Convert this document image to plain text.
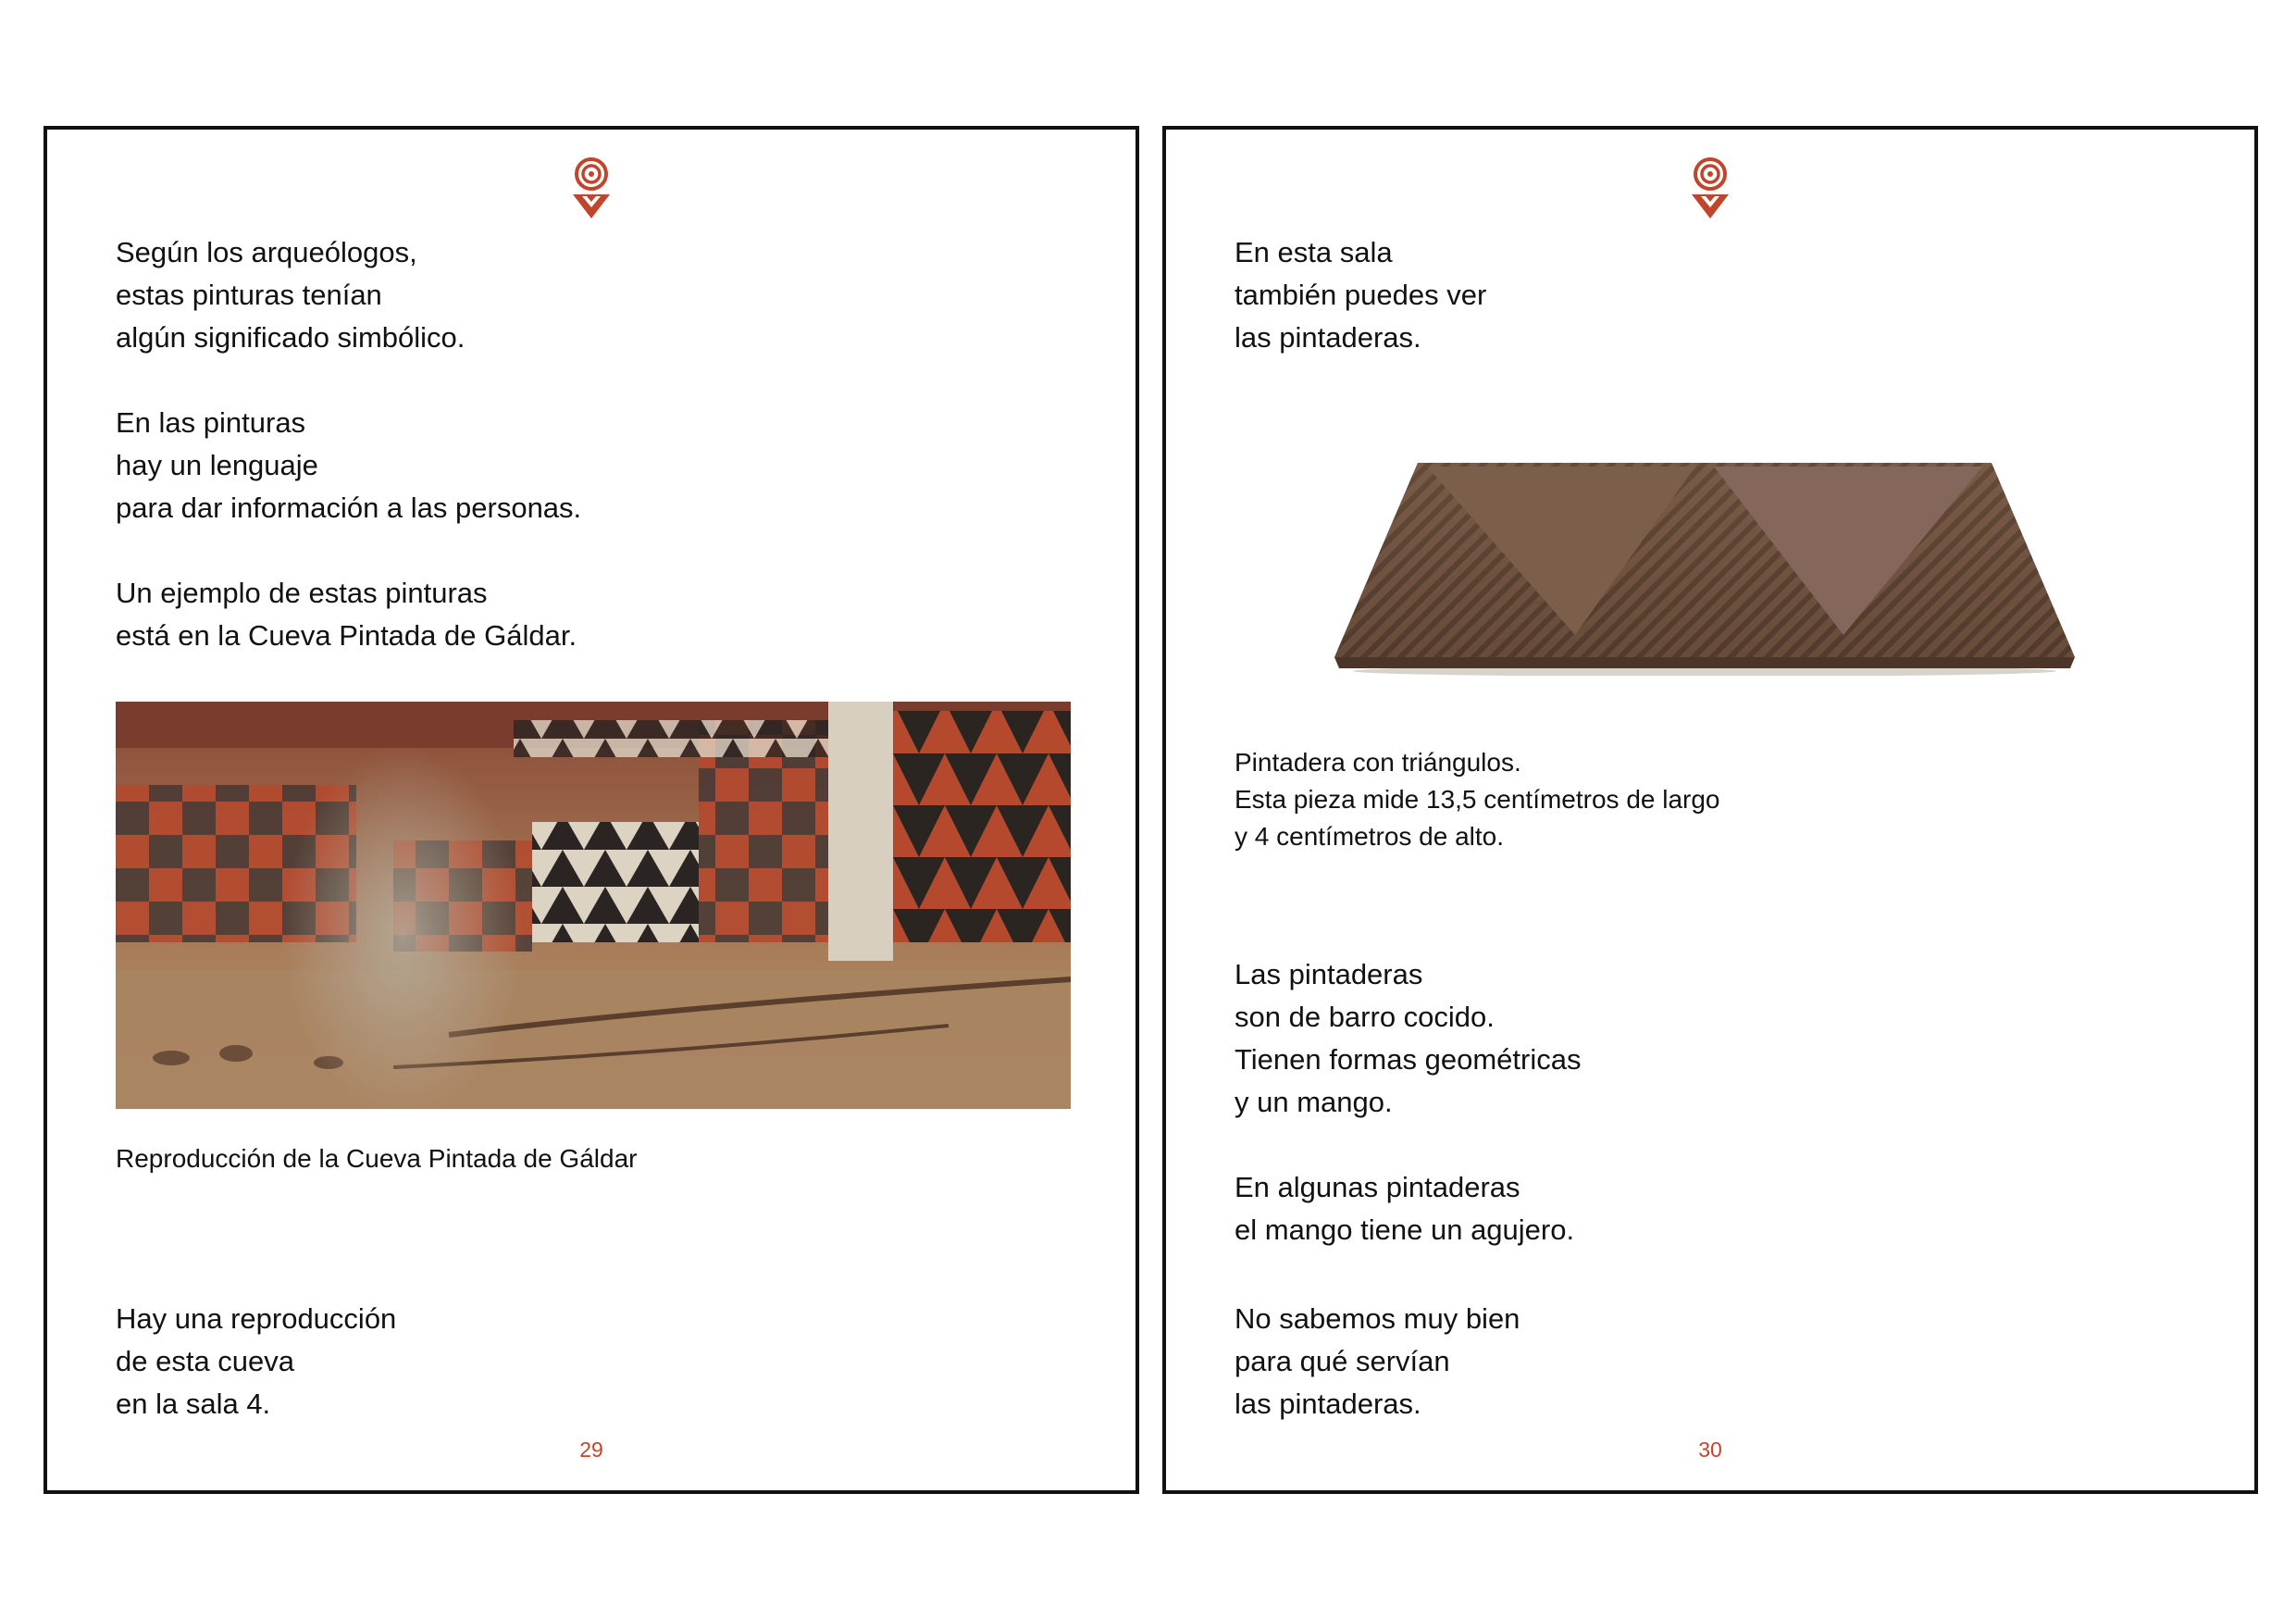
Según los arqueólogos,

estas pinturas tenían

algún significado simbólico.

En las pinturas

hay un lenguaje

para dar información a las personas.

Un ejemplo de estas pinturas

está en la Cueva Pintada de Gáldar.

Reproducción de la Cueva Pintada de Gáldar

Hay una reproducción

de esta cueva

en la sala 4.

29

En esta sala

también puedes ver

las pintaderas.

Pintadera con triángulos.
Esta pieza mide 13,5 centímetros de largo
y 4 centímetros de alto.

Las pintaderas

son de barro cocido.

Tienen formas geométricas

y un mango.

En algunas pintaderas

el mango tiene un agujero.

No sabemos muy bien

para qué servían

las pintaderas.

30
